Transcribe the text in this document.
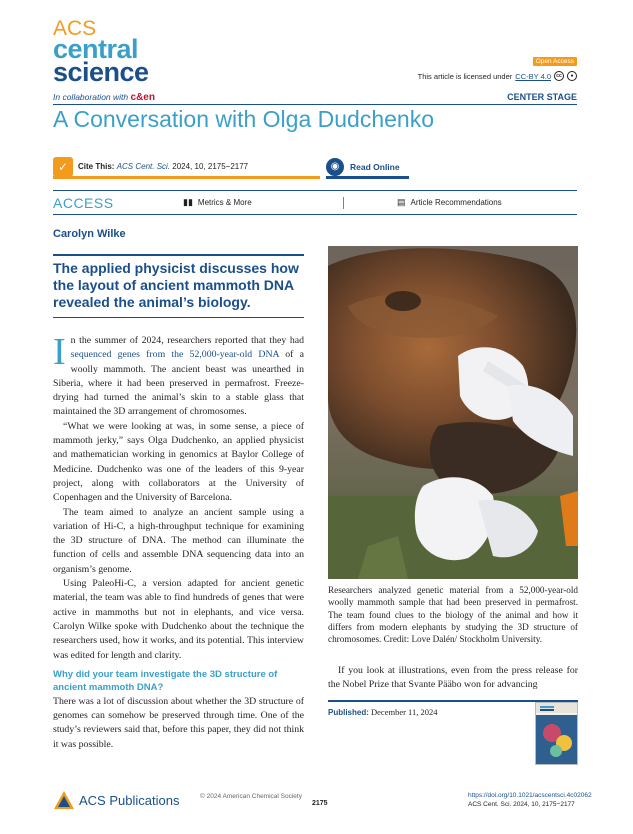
ACS
central
science	Open Access
This article is licensed under CC-BY 4.0	cc	●
In collaboration with c&en	CENTER STAGE
A Conversation with Olga Dudchenko
✓	Cite This: ACS Cent. Sci. 2024, 10, 2175−2177	◉	Read Online
ACCESS	▮▮ Metrics & More	▤ Article Recommendations
Carolyn Wilke
The applied physicist discusses how the layout of ancient mammoth DNA revealed the animal’s biology.

In the summer of 2024, researchers reported that they had sequenced genes from the 52,000-year-old DNA of a woolly mammoth. The ancient beast was unearthed in Siberia, where it had been preserved in permafrost. Freeze-drying had turned the animal’s skin to a stable glass that maintained the 3D arrangement of chromosomes.

“What we were looking at was, in some sense, a piece of mammoth jerky,” says Olga Dudchenko, an applied physicist and mathematician working in genomics at Baylor College of Medicine. Dudchenko was one of the leaders of this 9-year project, along with collaborators at the University of Copenhagen and the University of Barcelona.

The team aimed to analyze an ancient sample using a variation of Hi-C, a high-throughput technique for examining the 3D structure of DNA. The method can illuminate the function of cells and assemble DNA sequencing data into an organism’s genome.

Using PaleoHi-C, a version adapted for ancient genetic material, the team was able to find hundreds of genes that were active in mammoths but not in elephants, and vice versa. Carolyn Wilke spoke with Dudchenko about the technique the researchers used, how it works, and its potential. This interview was edited for length and clarity.

Why did your team investigate the 3D structure of ancient mammoth DNA?

There was a lot of discussion about whether the 3D structure of genomes can somehow be preserved through time. One of the study’s reviewers said that, before this paper, they did not think it was possible.

Researchers analyzed genetic material from a 52,000-year-old woolly mammoth sample that had been preserved in permafrost. The team found clues to the biology of the animal and how it differs from modern elephants by studying the 3D structure of chromosomes. Credit: Love Dalén/ Stockholm University.
If you look at illustrations, even from the press release for the Nobel Prize that Svante Pääbo won for advancing
Published: December 11, 2024
ACS Publications	© 2024 American Chemical Society
2175
https://doi.org/10.1021/acscentsci.4c02062
ACS Cent. Sci. 2024, 10, 2175−2177
